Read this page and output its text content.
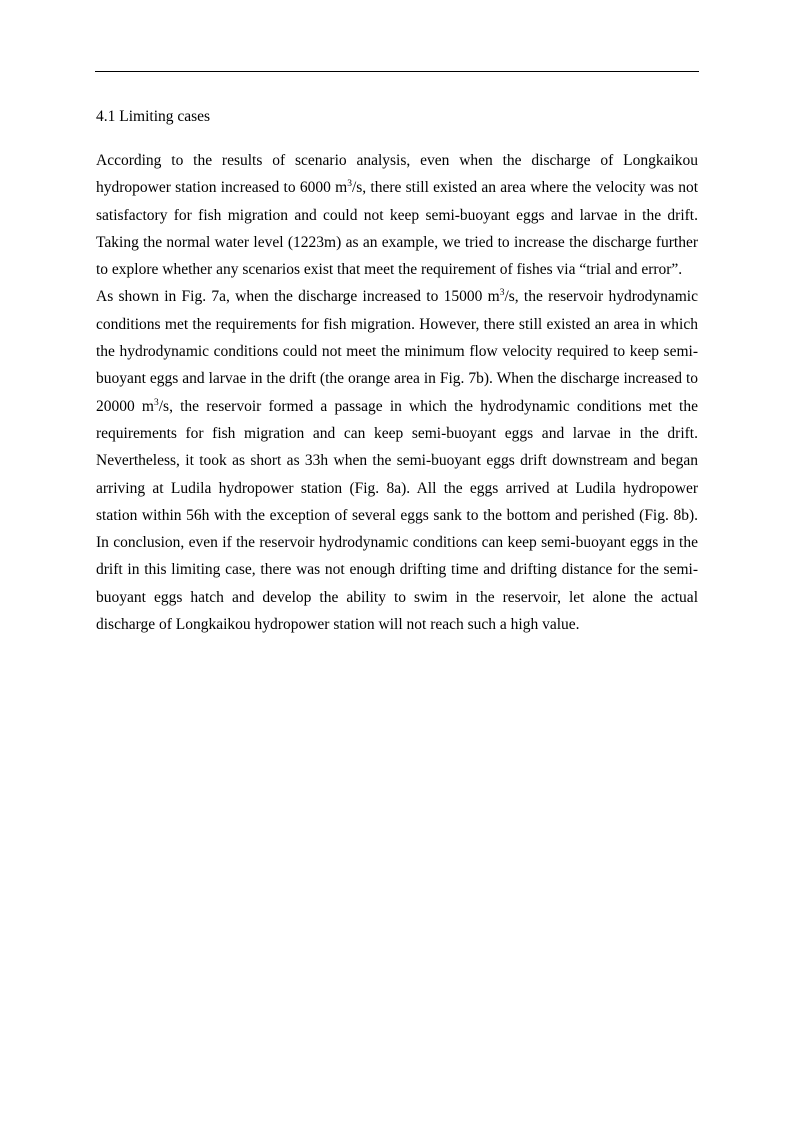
4.1 Limiting cases

According to the results of scenario analysis, even when the discharge of Longkaikou hydropower station increased to 6000 $m^3/s$, there still existed an area where the velocity was not satisfactory for fish migration and could not keep semi-buoyant eggs and larvae in the drift. Taking the normal water level (1223m) as an example, we tried to increase the discharge further to explore whether any scenarios exist that meet the requirement of fishes via “trial and error”.

As shown in Fig. 7a, when the discharge increased to 15000 $m^3/s$, the reservoir hydrodynamic conditions met the requirements for fish migration. However, there still existed an area in which the hydrodynamic conditions could not meet the minimum flow velocity required to keep semi-buoyant eggs and larvae in the drift (the orange area in Fig. 7b). When the discharge increased to 20000 $m^3/s$, the reservoir formed a passage in which the hydrodynamic conditions met the requirements for fish migration and can keep semi-buoyant eggs and larvae in the drift. Nevertheless, it took as short as 33h when the semi-buoyant eggs drift downstream and began arriving at Ludila hydropower station (Fig. 8a). All the eggs arrived at Ludila hydropower station within 56h with the exception of several eggs sank to the bottom and perished (Fig. 8b). In conclusion, even if the reservoir hydrodynamic conditions can keep semi-buoyant eggs in the drift in this limiting case, there was not enough drifting time and drifting distance for the semi-buoyant eggs hatch and develop the ability to swim in the reservoir, let alone the actual discharge of Longkaikou hydropower station will not reach such a high value.
